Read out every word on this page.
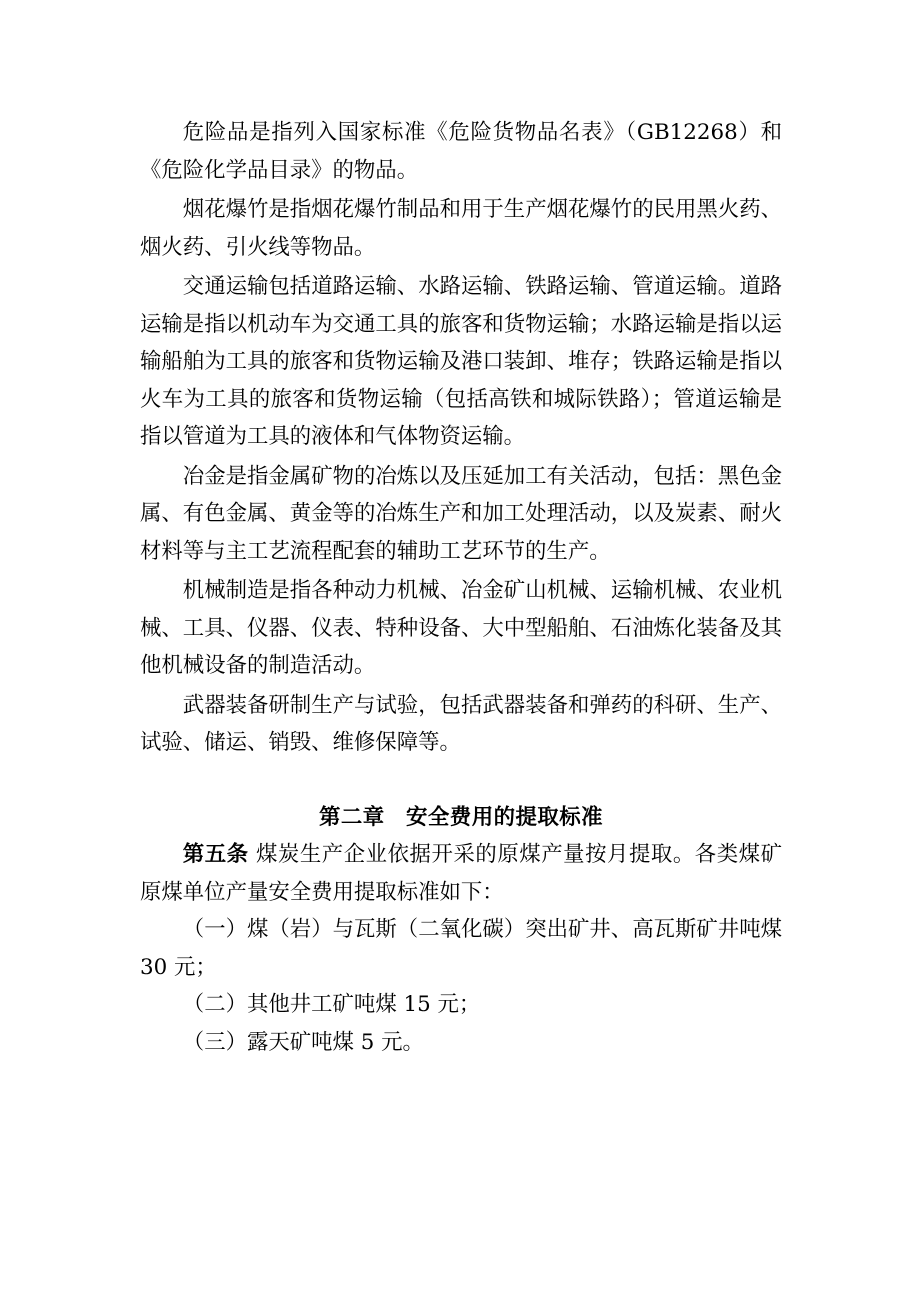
危险品是指列入国家标准《危险货物品名表》（GB12268）和《危险化学品目录》的物品。

烟花爆竹是指烟花爆竹制品和用于生产烟花爆竹的民用黑火药、烟火药、引火线等物品。

交通运输包括道路运输、水路运输、铁路运输、管道运输。道路运输是指以机动车为交通工具的旅客和货物运输；水路运输是指以运输船舶为工具的旅客和货物运输及港口装卸、堆存；铁路运输是指以火车为工具的旅客和货物运输（包括高铁和城际铁路）；管道运输是指以管道为工具的液体和气体物资运输。

冶金是指金属矿物的冶炼以及压延加工有关活动，包括：黑色金属、有色金属、黄金等的冶炼生产和加工处理活动，以及炭素、耐火材料等与主工艺流程配套的辅助工艺环节的生产。

机械制造是指各种动力机械、冶金矿山机械、运输机械、农业机械、工具、仪器、仪表、特种设备、大中型船舶、石油炼化装备及其他机械设备的制造活动。

武器装备研制生产与试验，包括武器装备和弹药的科研、生产、试验、储运、销毁、维修保障等。

第二章 安全费用的提取标准

第五条 煤炭生产企业依据开采的原煤产量按月提取。各类煤矿原煤单位产量安全费用提取标准如下：

（一）煤（岩）与瓦斯（二氧化碳）突出矿井、高瓦斯矿井吨煤 30 元；

（二）其他井工矿吨煤 15 元；

（三）露天矿吨煤 5 元。
